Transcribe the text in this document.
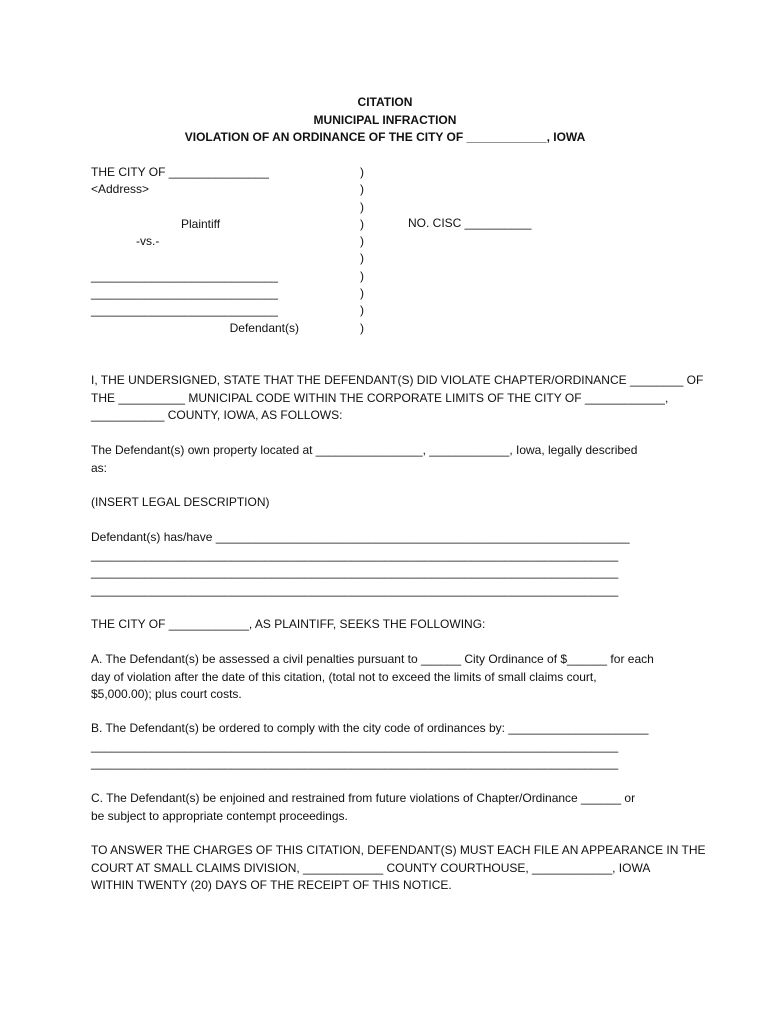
CITATION
MUNICIPAL INFRACTION
VIOLATION OF AN ORDINANCE OF THE CITY OF ____________, IOWA
THE CITY OF _______________
<Address>
Plaintiff
-vs.-
____________________________
____________________________
____________________________
Defendant(s)
)
)
)
)
)
)
)
)
)
)
NO. CISC __________
I, THE UNDERSIGNED, STATE THAT THE DEFENDANT(S) DID VIOLATE CHAPTER/ORDINANCE ________ OF
THE __________ MUNICIPAL CODE WITHIN THE CORPORATE LIMITS OF THE CITY OF ____________,
___________ COUNTY, IOWA, AS FOLLOWS:
The Defendant(s) own property located at ________________, ____________, Iowa, legally described
as:
(INSERT LEGAL DESCRIPTION)
Defendant(s) has/have ______________________________________________________________
_______________________________________________________________________________
_______________________________________________________________________________
_______________________________________________________________________________
THE CITY OF ____________, AS PLAINTIFF, SEEKS THE FOLLOWING:
A. The Defendant(s) be assessed a civil penalties pursuant to ______ City Ordinance of $______ for each
day of violation after the date of this citation, (total not to exceed the limits of small claims court,
$5,000.00); plus court costs.
B. The Defendant(s) be ordered to comply with the city code of ordinances by: _____________________
_______________________________________________________________________________
_______________________________________________________________________________
C. The Defendant(s) be enjoined and restrained from future violations of Chapter/Ordinance ______ or
be subject to appropriate contempt proceedings.
TO ANSWER THE CHARGES OF THIS CITATION, DEFENDANT(S) MUST EACH FILE AN APPEARANCE IN THE
COURT AT SMALL CLAIMS DIVISION, ____________ COUNTY COURTHOUSE, ____________, IOWA
WITHIN TWENTY (20) DAYS OF THE RECEIPT OF THIS NOTICE.
